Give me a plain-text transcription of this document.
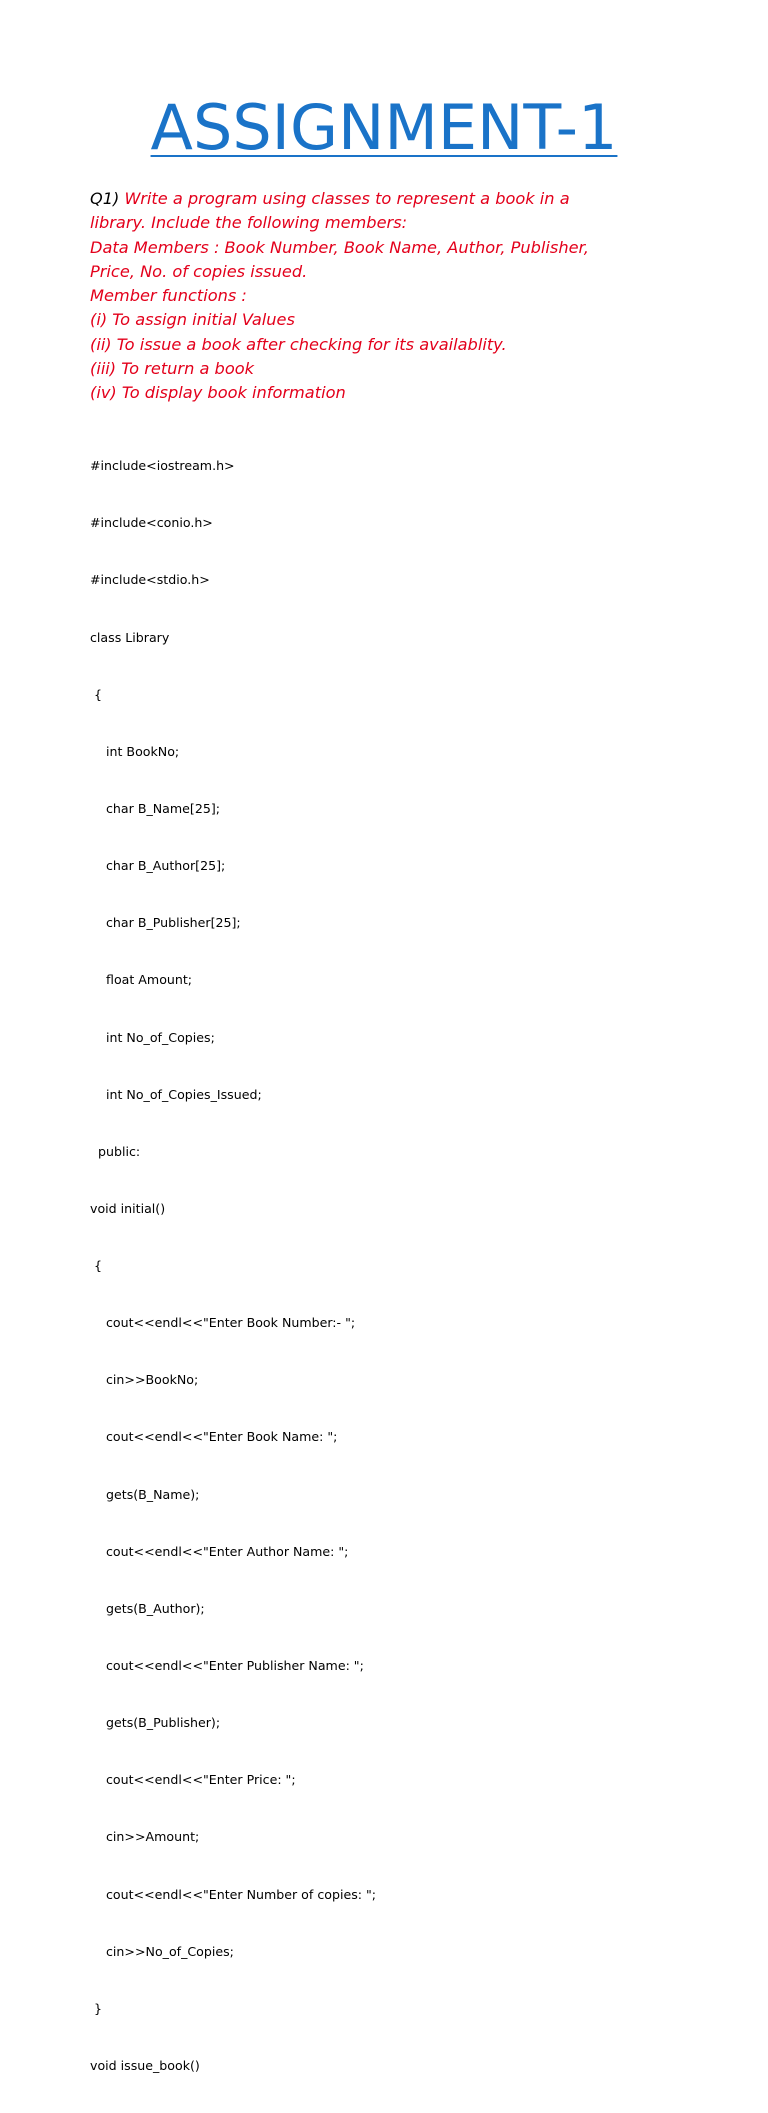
ASSIGNMENT-1
Q1) Write a program using classes to represent a book in a
library. Include the following members:
Data Members : Book Number, Book Name, Author, Publisher,
Price, No. of copies issued.
Member functions :
(i) To assign initial Values
(ii) To issue a book after checking for its availablity.
(iii) To return a book
(iv) To display book information

#include<iostream.h>

#include<conio.h>

#include<stdio.h>

class Library

{

int BookNo;

char B_Name[25];

char B_Author[25];

char B_Publisher[25];

float Amount;

int No_of_Copies;

int No_of_Copies_Issued;

public:

void initial()

{

cout<<endl<<"Enter Book Number:- ";

cin>>BookNo;

cout<<endl<<"Enter Book Name: ";

gets(B_Name);

cout<<endl<<"Enter Author Name: ";

gets(B_Author);

cout<<endl<<"Enter Publisher Name: ";

gets(B_Publisher);

cout<<endl<<"Enter Price: ";

cin>>Amount;

cout<<endl<<"Enter Number of copies: ";

cin>>No_of_Copies;

}

void issue_book()
